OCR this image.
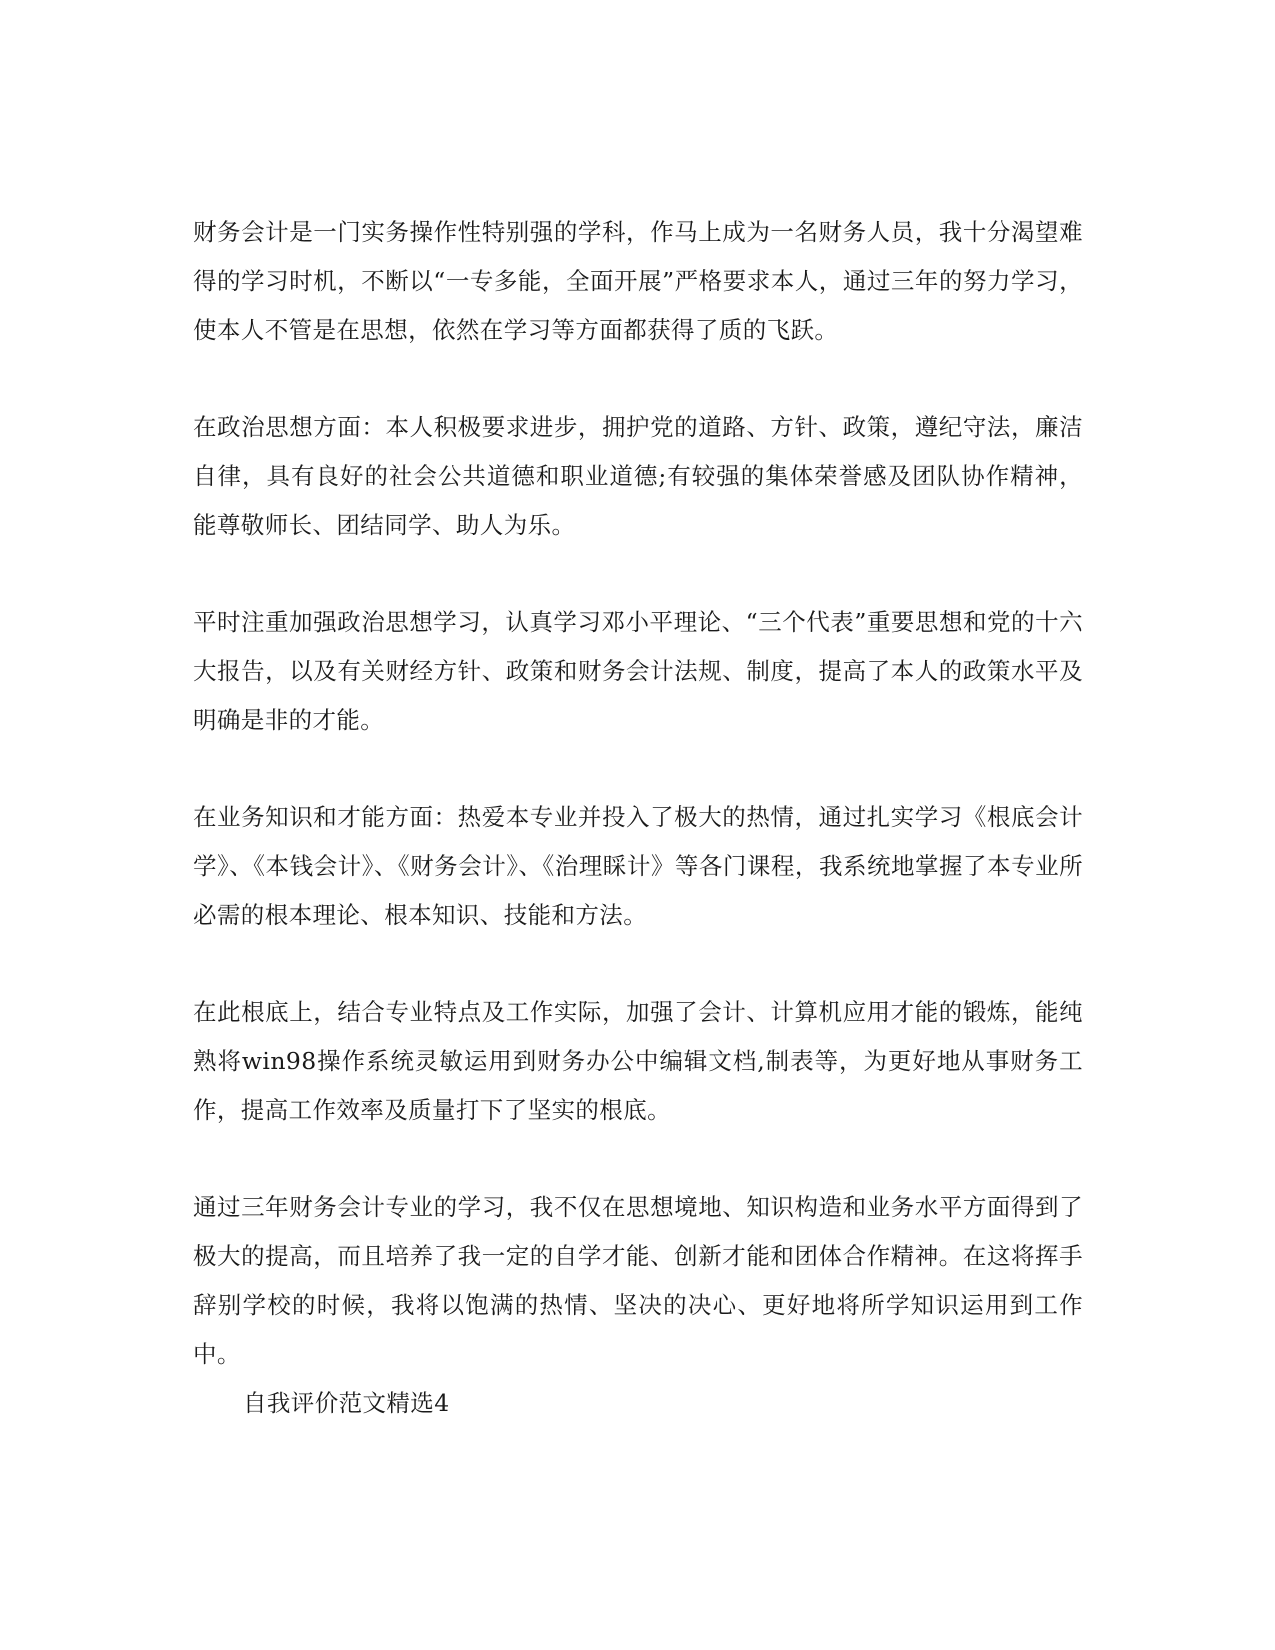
财务会计是一门实务操作性特别强的学科，作马上成为一名财务人员，我十分渴望难得的学习时机，不断以“一专多能，全面开展”严格要求本人，通过三年的努力学习，使本人不管是在思想，依然在学习等方面都获得了质的飞跃。

在政治思想方面：本人积极要求进步，拥护党的道路、方针、政策，遵纪守法，廉洁自律，具有良好的社会公共道德和职业道德;有较强的集体荣誉感及团队协作精神，能尊敬师长、团结同学、助人为乐。

平时注重加强政治思想学习，认真学习邓小平理论、“三个代表”重要思想和党的十六大报告，以及有关财经方针、政策和财务会计法规、制度，提高了本人的政策水平及明确是非的才能。

在业务知识和才能方面：热爱本专业并投入了极大的热情，通过扎实学习《根底会计学》、《本钱会计》、《财务会计》、《治理睬计》等各门课程，我系统地掌握了本专业所必需的根本理论、根本知识、技能和方法。

在此根底上，结合专业特点及工作实际，加强了会计、计算机应用才能的锻炼，能纯熟将win98操作系统灵敏运用到财务办公中编辑文档,制表等，为更好地从事财务工作，提高工作效率及质量打下了坚实的根底。

通过三年财务会计专业的学习，我不仅在思想境地、知识构造和业务水平方面得到了极大的提高，而且培养了我一定的自学才能、创新才能和团体合作精神。在这将挥手辞别学校的时候，我将以饱满的热情、坚决的决心、更好地将所学知识运用到工作中。

自我评价范文精选4
